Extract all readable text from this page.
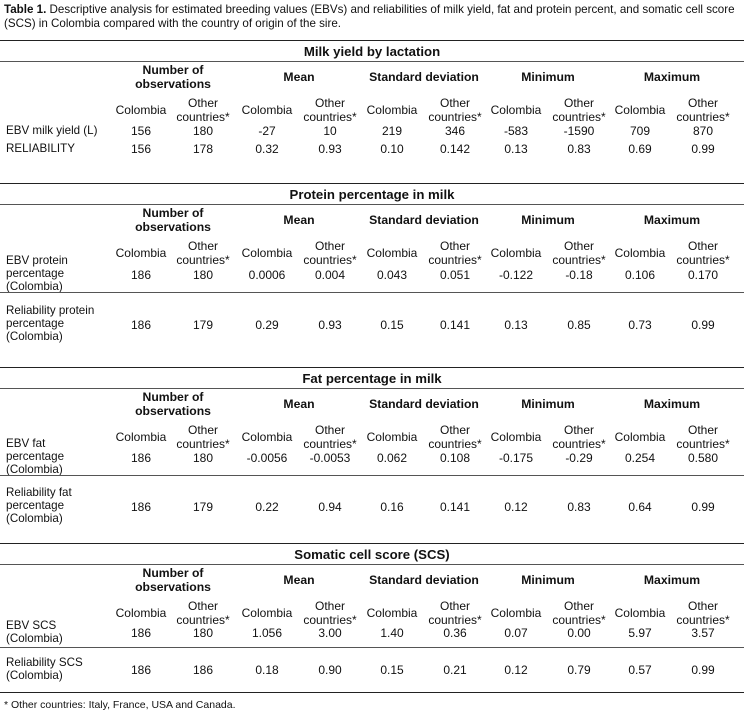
Table 1. Descriptive analysis for estimated breeding values (EBVs) and reliabilities of milk yield, fat and protein percent, and somatic cell score (SCS) in Colombia compared with the country of origin of the sire.
Milk yield by lactation
Number of observations	Mean	Standard deviation	Minimum	Maximum
Colombia	Other countries* Colombia	Other countries* Colombia	Other countries* Colombia	Other countries* Colombia	Other countries*
EBV milk yield (L)	156	180	-27	10	219	346	-583	-1590	709	870
RELIABILITY	156	178	0.32	0.93	0.10	0.142	0.13	0.83	0.69	0.99
Protein percentage in milk
Number of observations	Mean	Standard deviation	Minimum	Maximum
Colombia	Other countries* Colombia	Other countries* Colombia	Other countries* Colombia	Other countries* Colombia	Other countries*
EBV protein
percentage
(Colombia)
186	180	0.0006	0.004	0.043	0.051	-0.122	-0.18	0.106	0.170
Reliability protein
percentage
(Colombia)
186	179	0.29	0.93	0.15	0.141	0.13	0.85	0.73	0.99
Fat percentage in milk
Number of observations	Mean	Standard deviation	Minimum	Maximum
Colombia	Other countries* Colombia	Other countries* Colombia	Other countries* Colombia	Other countries* Colombia	Other countries*
EBV fat
percentage
(Colombia)
186	180	-0.0056	-0.0053	0.062	0.108	-0.175	-0.29	0.254	0.580
Reliability fat
percentage
(Colombia)
186	179	0.22	0.94	0.16	0.141	0.12	0.83	0.64	0.99
Somatic cell score (SCS)
Number of observations	Mean	Standard deviation	Minimum	Maximum
Colombia	Other countries* Colombia	Other countries* Colombia	Other countries* Colombia	Other countries* Colombia	Other countries*
EBV SCS
(Colombia)	186	180	1.056	3.00	1.40	0.36	0.07	0.00	5.97	3.57
Reliability SCS
(Colombia)	186	186	0.18	0.90	0.15	0.21	0.12	0.79	0.57	0.99
* Other countries: Italy, France, USA and Canada.
